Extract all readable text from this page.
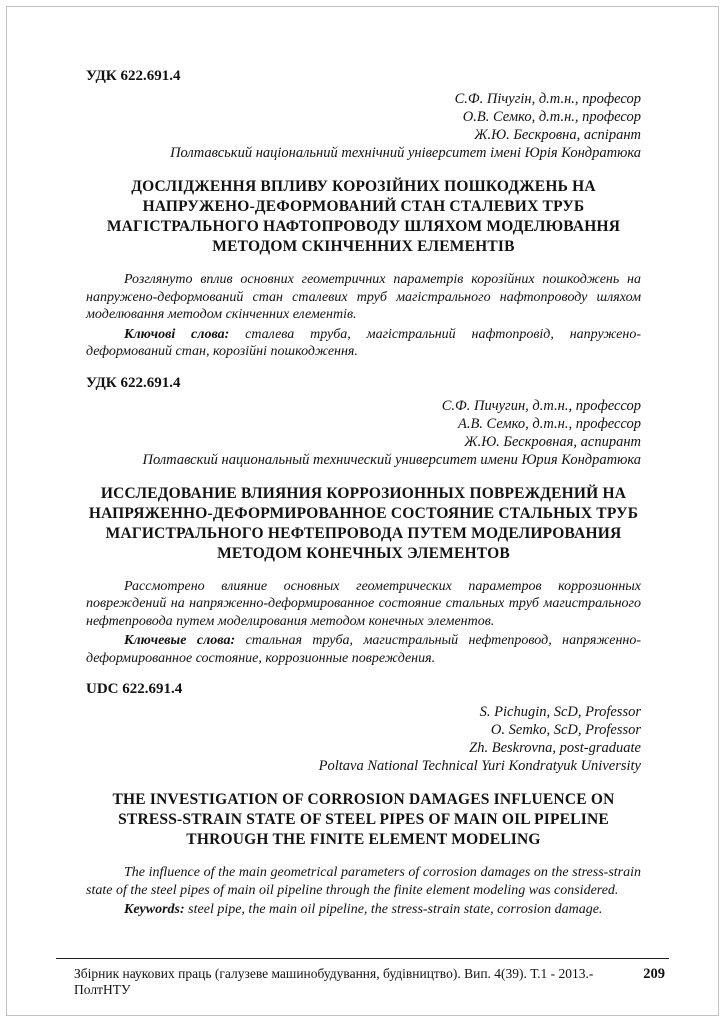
УДК 622.691.4
С.Ф. Пічугін, д.т.н., професор
О.В. Семко, д.т.н., професор
Ж.Ю. Бескровна, аспірант
Полтавський національний технічний університет імені Юрія Кондратюка
ДОСЛІДЖЕННЯ ВПЛИВУ КОРОЗІЙНИХ ПОШКОДЖЕНЬ НА НАПРУЖЕНО-ДЕФОРМОВАНИЙ СТАН СТАЛЕВИХ ТРУБ МАГІСТРАЛЬНОГО НАФТОПРОВОДУ ШЛЯХОМ МОДЕЛЮВАННЯ МЕТОДОМ СКІНЧЕННИХ ЕЛЕМЕНТІВ

Розглянуто вплив основних геометричних параметрів корозійних пошкоджень на напружено-деформований стан сталевих труб магістрального нафтопроводу шляхом моделювання методом скінченних елементів.

Ключові слова: сталева труба, магістральний нафтопровід, напружено-деформований стан, корозійні пошкодження.

УДК 622.691.4
С.Ф. Пичугин, д.т.н., профессор
А.В. Семко, д.т.н., профессор
Ж.Ю. Бескровная, аспирант
Полтавский национальный технический университет имени Юрия Кондратюка
ИССЛЕДОВАНИЕ ВЛИЯНИЯ КОРРОЗИОННЫХ ПОВРЕЖДЕНИЙ НА НАПРЯЖЕННО-ДЕФОРМИРОВАННОЕ СОСТОЯНИЕ СТАЛЬНЫХ ТРУБ МАГИСТРАЛЬНОГО НЕФТЕПРОВОДА ПУТЕМ МОДЕЛИРОВАНИЯ МЕТОДОМ КОНЕЧНЫХ ЭЛЕМЕНТОВ

Рассмотрено влияние основных геометрических параметров коррозионных повреждений на напряженно-деформированное состояние стальных труб магистрального нефтепровода путем моделирования методом конечных элементов.

Ключевые слова: стальная труба, магистральный нефтепровод, напряженно-деформированное состояние, коррозионные повреждения.

UDC 622.691.4
S. Pichugin, ScD, Professor
O. Semko, ScD, Professor
Zh. Beskrovna, post-graduate
Poltava National Technical Yuri Kondratyuk University
THE INVESTIGATION OF CORROSION DAMAGES INFLUENCE ON STRESS-STRAIN STATE OF STEEL PIPES OF MAIN OIL PIPELINE THROUGH THE FINITE ELEMENT MODELING

The influence of the main geometrical parameters of corrosion damages on the stress-strain state of the steel pipes of main oil pipeline through the finite element modeling was considered.

Keywords: steel pipe, the main oil pipeline, the stress-strain state, corrosion damage.

Збірник наукових праць (галузеве машинобудування, будівництво). Вип. 4(39). Т.1 - 2013.- ПолтНТУ
209
